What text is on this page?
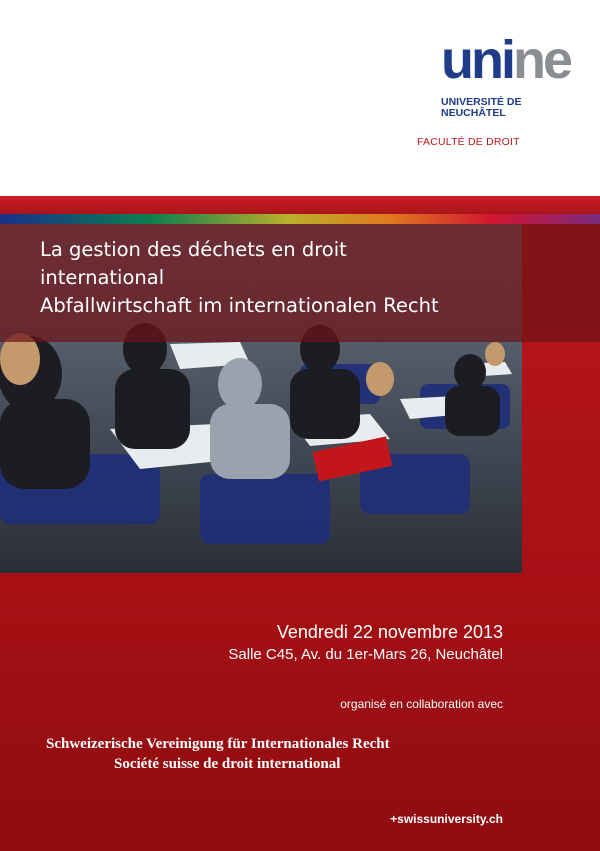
unine
UNIVERSITÉ DE
NEUCHÂTEL
FACULTÉ DE DROIT
La gestion des déchets en droit
international
Abfallwirtschaft im internationalen Recht
Vendredi 22 novembre 2013
Salle C45, Av. du 1er-Mars 26, Neuchâtel
organisé en collaboration avec
Schweizerische Vereinigung für Internationales Recht
Société suisse de droit international
+swissuniversity.ch
